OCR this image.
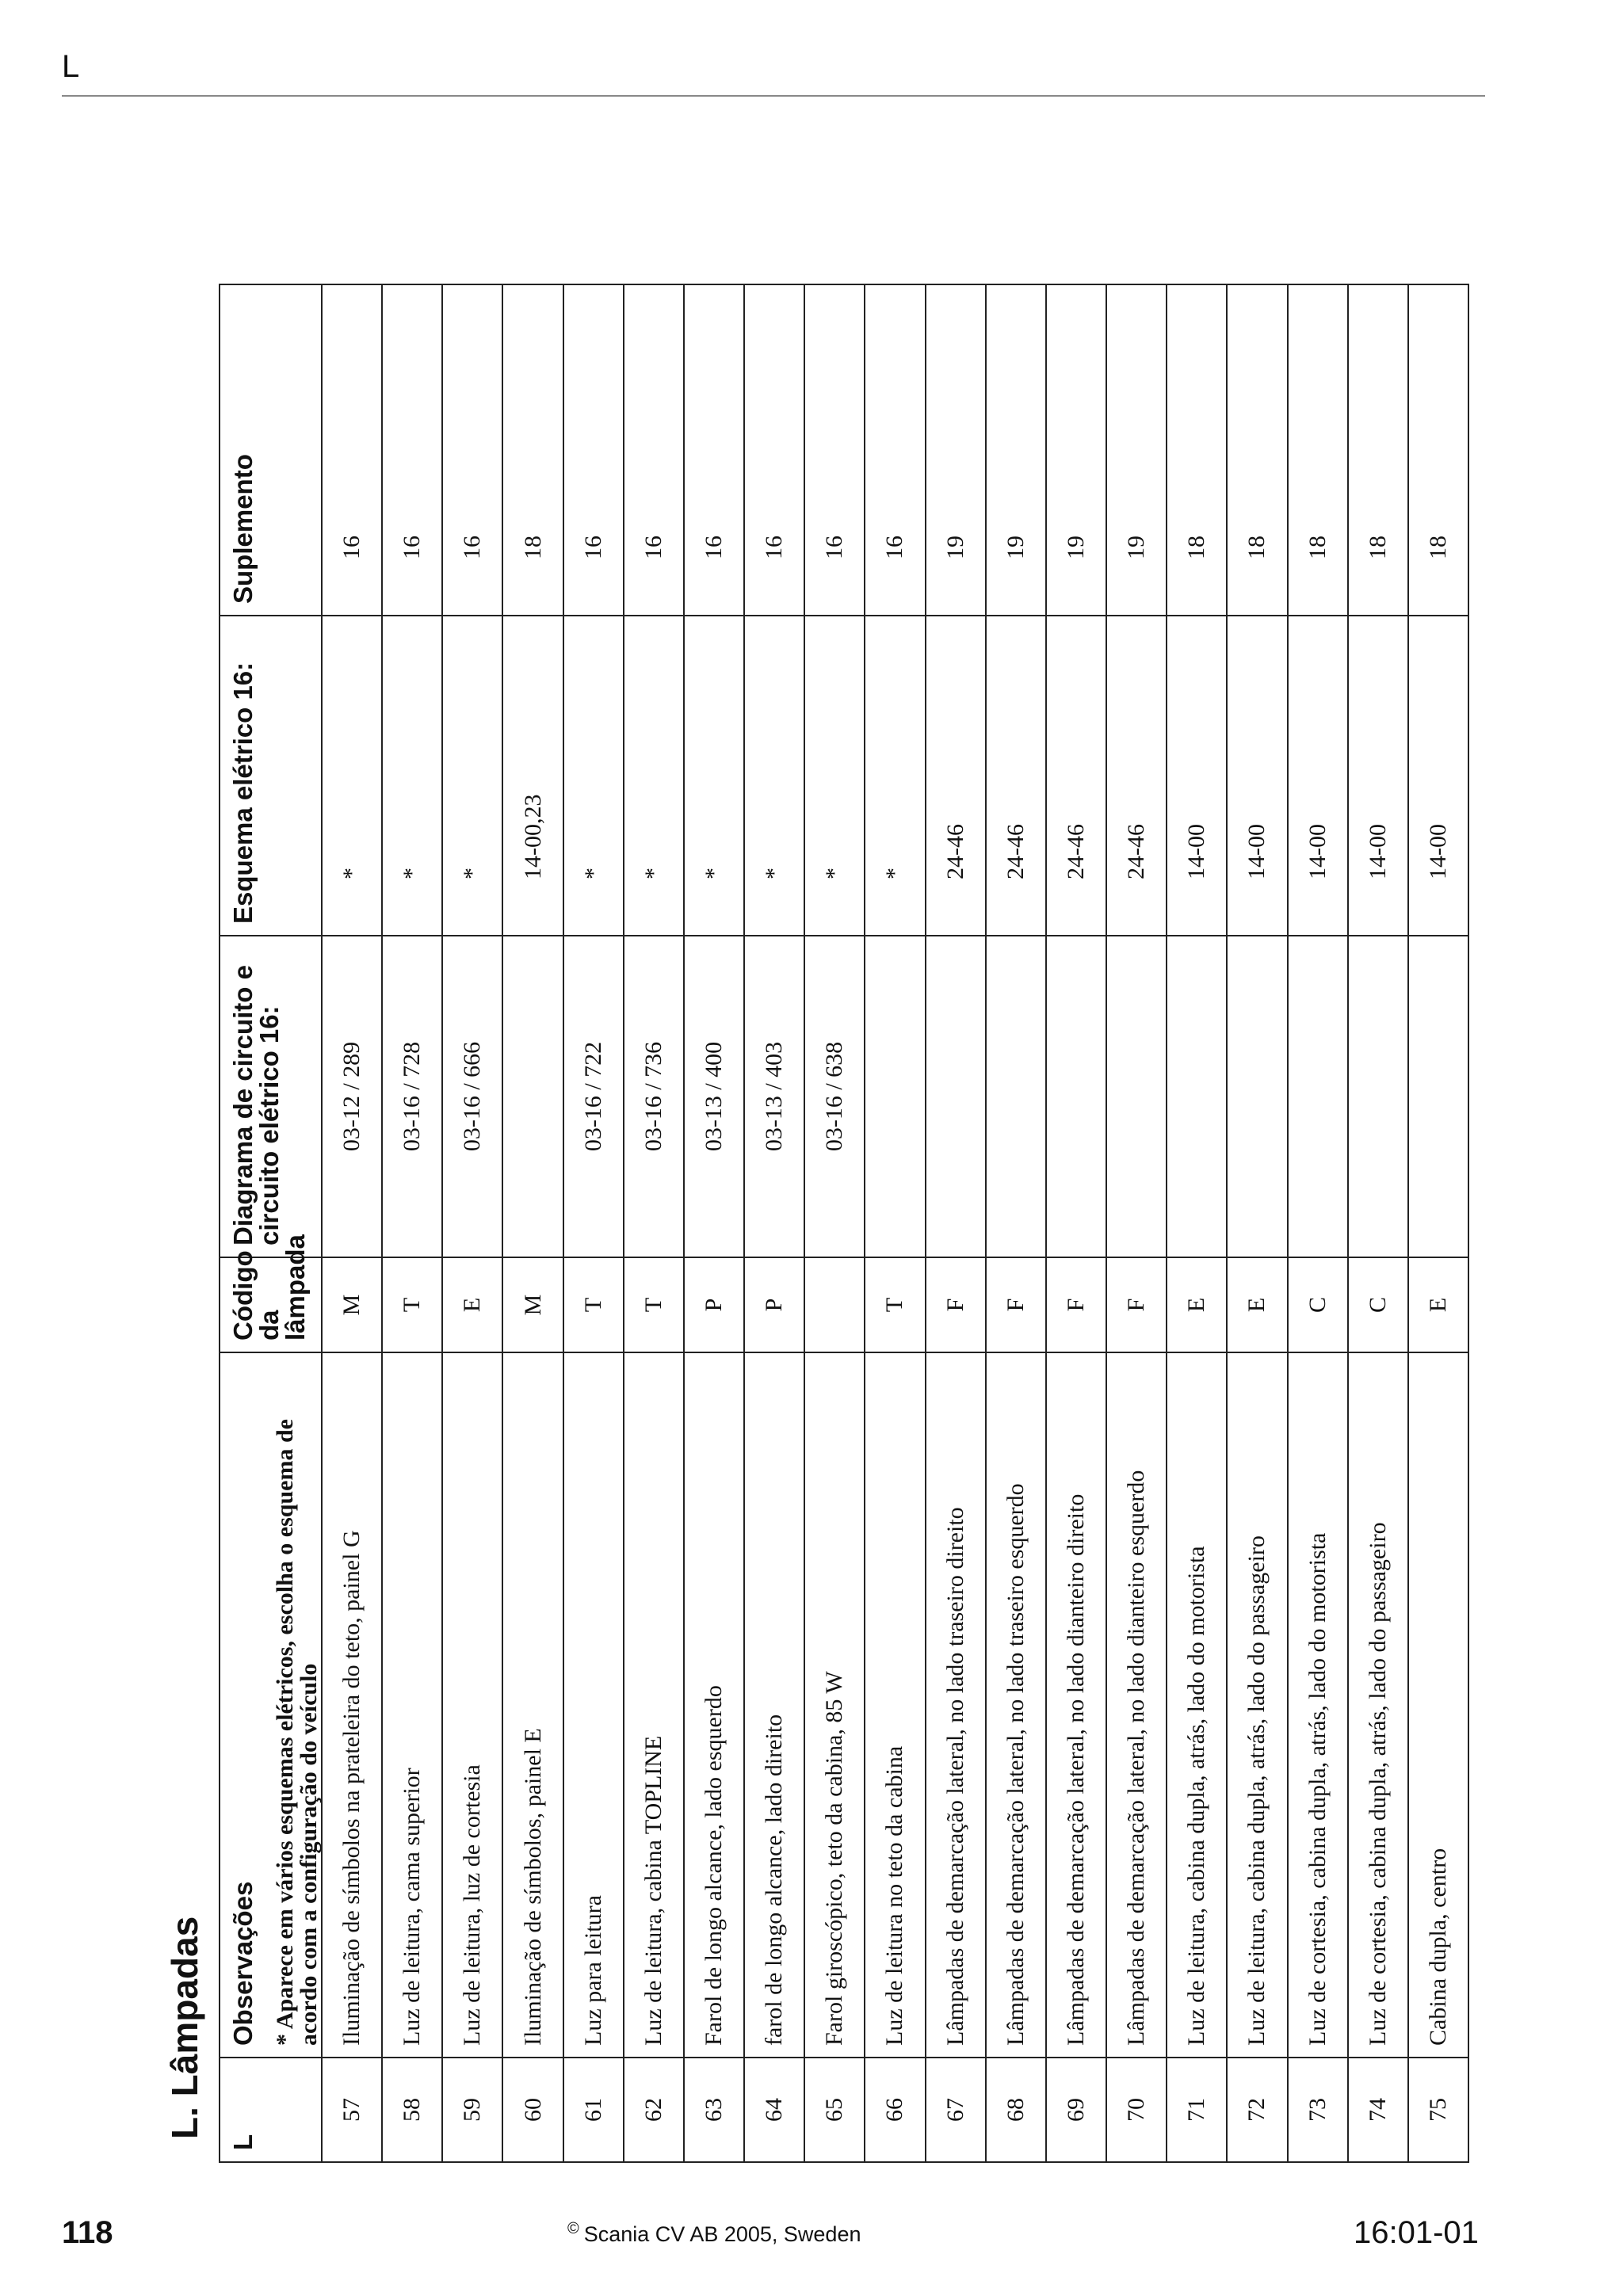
L
L. Lâmpadas
L	Observações * Aparece em vários esquemas elétricos, escolha o esquema de acordo com a configuração do veículo	Código da lâmpada	Diagrama de circuito e circuito elétrico 16:	Esquema elétrico 16:	Suplemento
57	Iluminação de símbolos na prateleira do teto, painel G	M	03-12 / 289	*	16
58	Luz de leitura, cama superior	T	03-16 / 728	*	16
59	Luz de leitura, luz de cortesia	E	03-16 / 666	*	16
60	Iluminação de símbolos, painel E	M		14-00,23	18
61	Luz para leitura	T	03-16 / 722	*	16
62	Luz de leitura, cabina TOPLINE	T	03-16 / 736	*	16
63	Farol de longo alcance, lado esquerdo	P	03-13 / 400	*	16
64	farol de longo alcance, lado direito	P	03-13 / 403	*	16
65	Farol giroscópico, teto da cabina, 85 W		03-16 / 638	*	16
66	Luz de leitura no teto da cabina	T		*	16
67	Lâmpadas de demarcação lateral, no lado traseiro direito	F		24-46	19
68	Lâmpadas de demarcação lateral, no lado traseiro esquerdo	F		24-46	19
69	Lâmpadas de demarcação lateral, no lado dianteiro direito	F		24-46	19
70	Lâmpadas de demarcação lateral, no lado dianteiro esquerdo	F		24-46	19
71	Luz de leitura, cabina dupla, atrás, lado do motorista	E		14-00	18
72	Luz de leitura, cabina dupla, atrás, lado do passageiro	E		14-00	18
73	Luz de cortesia, cabina dupla, atrás, lado do motorista	C		14-00	18
74	Luz de cortesia, cabina dupla, atrás, lado do passageiro	C		14-00	18
75	Cabina dupla, centro	E		14-00	18
118	© Scania CV AB 2005, Sweden	16:01-01
